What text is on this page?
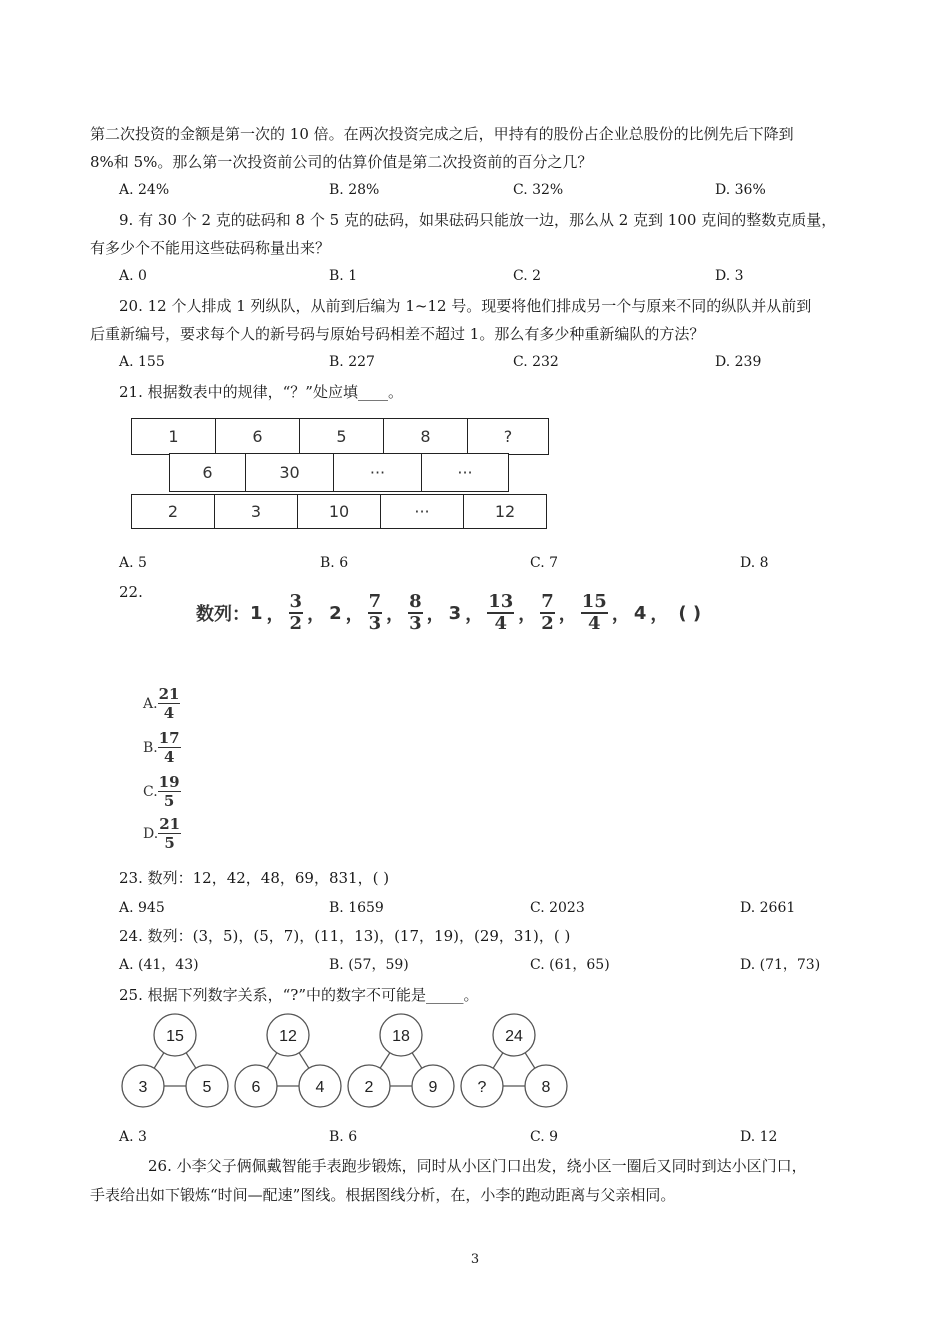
第二次投资的金额是第一次的 10 倍。在两次投资完成之后，甲持有的股份占企业总股份的比例先后下降到
8%和 5%。那么第一次投资前公司的估算价值是第二次投资前的百分之几？
A. 24%	B. 28%	C. 32%	D. 36%
9. 有 30 个 2 克的砝码和 8 个 5 克的砝码，如果砝码只能放一边，那么从 2 克到 100 克间的整数克质量，
有多少个不能用这些砝码称量出来？
A. 0	B. 1	C. 2	D. 3
20. 12 个人排成 1 列纵队，从前到后编为 1~12 号。现要将他们排成另一个与原来不同的纵队并从前到
后重新编号，要求每个人的新号码与原始号码相差不超过 1。那么有多少种重新编队的方法？
A. 155	B. 227	C. 232	D. 239
21. 根据数表中的规律，“？”处应填____。
1	6	5	8	?
6	30	···	···
2	3	10	···	12
A. 5	B. 6	C. 7	D. 8
22.
数列： 1 ， $\frac{3}{2}$ ， 2 ， $\frac{7}{3}$ ， $\frac{8}{3}$ ， 3 ， $\frac{13}{4}$ ， $\frac{7}{2}$ ， $\frac{15}{4}$ ， 4 ， ( )
A. $\frac{21}{4}$
B. $\frac{17}{4}$
C. $\frac{19}{5}$
D. $\frac{21}{5}$
23. 数列：12，42，48，69，831，( )
A. 945	B. 1659	C. 2023	D. 2661
24. 数列：(3，5)，(5，7)，(11，13)，(17，19)，(29，31)，( )
A. (41，43)	B. (57，59)	C. (61，65)	D. (71，73)
25. 根据下列数字关系，“?”中的数字不可能是_____。
15
3	5
12
6	4
18
2	9
24
?	8
A. 3	B. 6	C. 9	D. 12
26. 小李父子俩佩戴智能手表跑步锻炼，同时从小区门口出发，绕小区一圈后又同时到达小区门口，
手表给出如下锻炼“时间—配速”图线。根据图线分析，在，小李的跑动距离与父亲相同。
3
